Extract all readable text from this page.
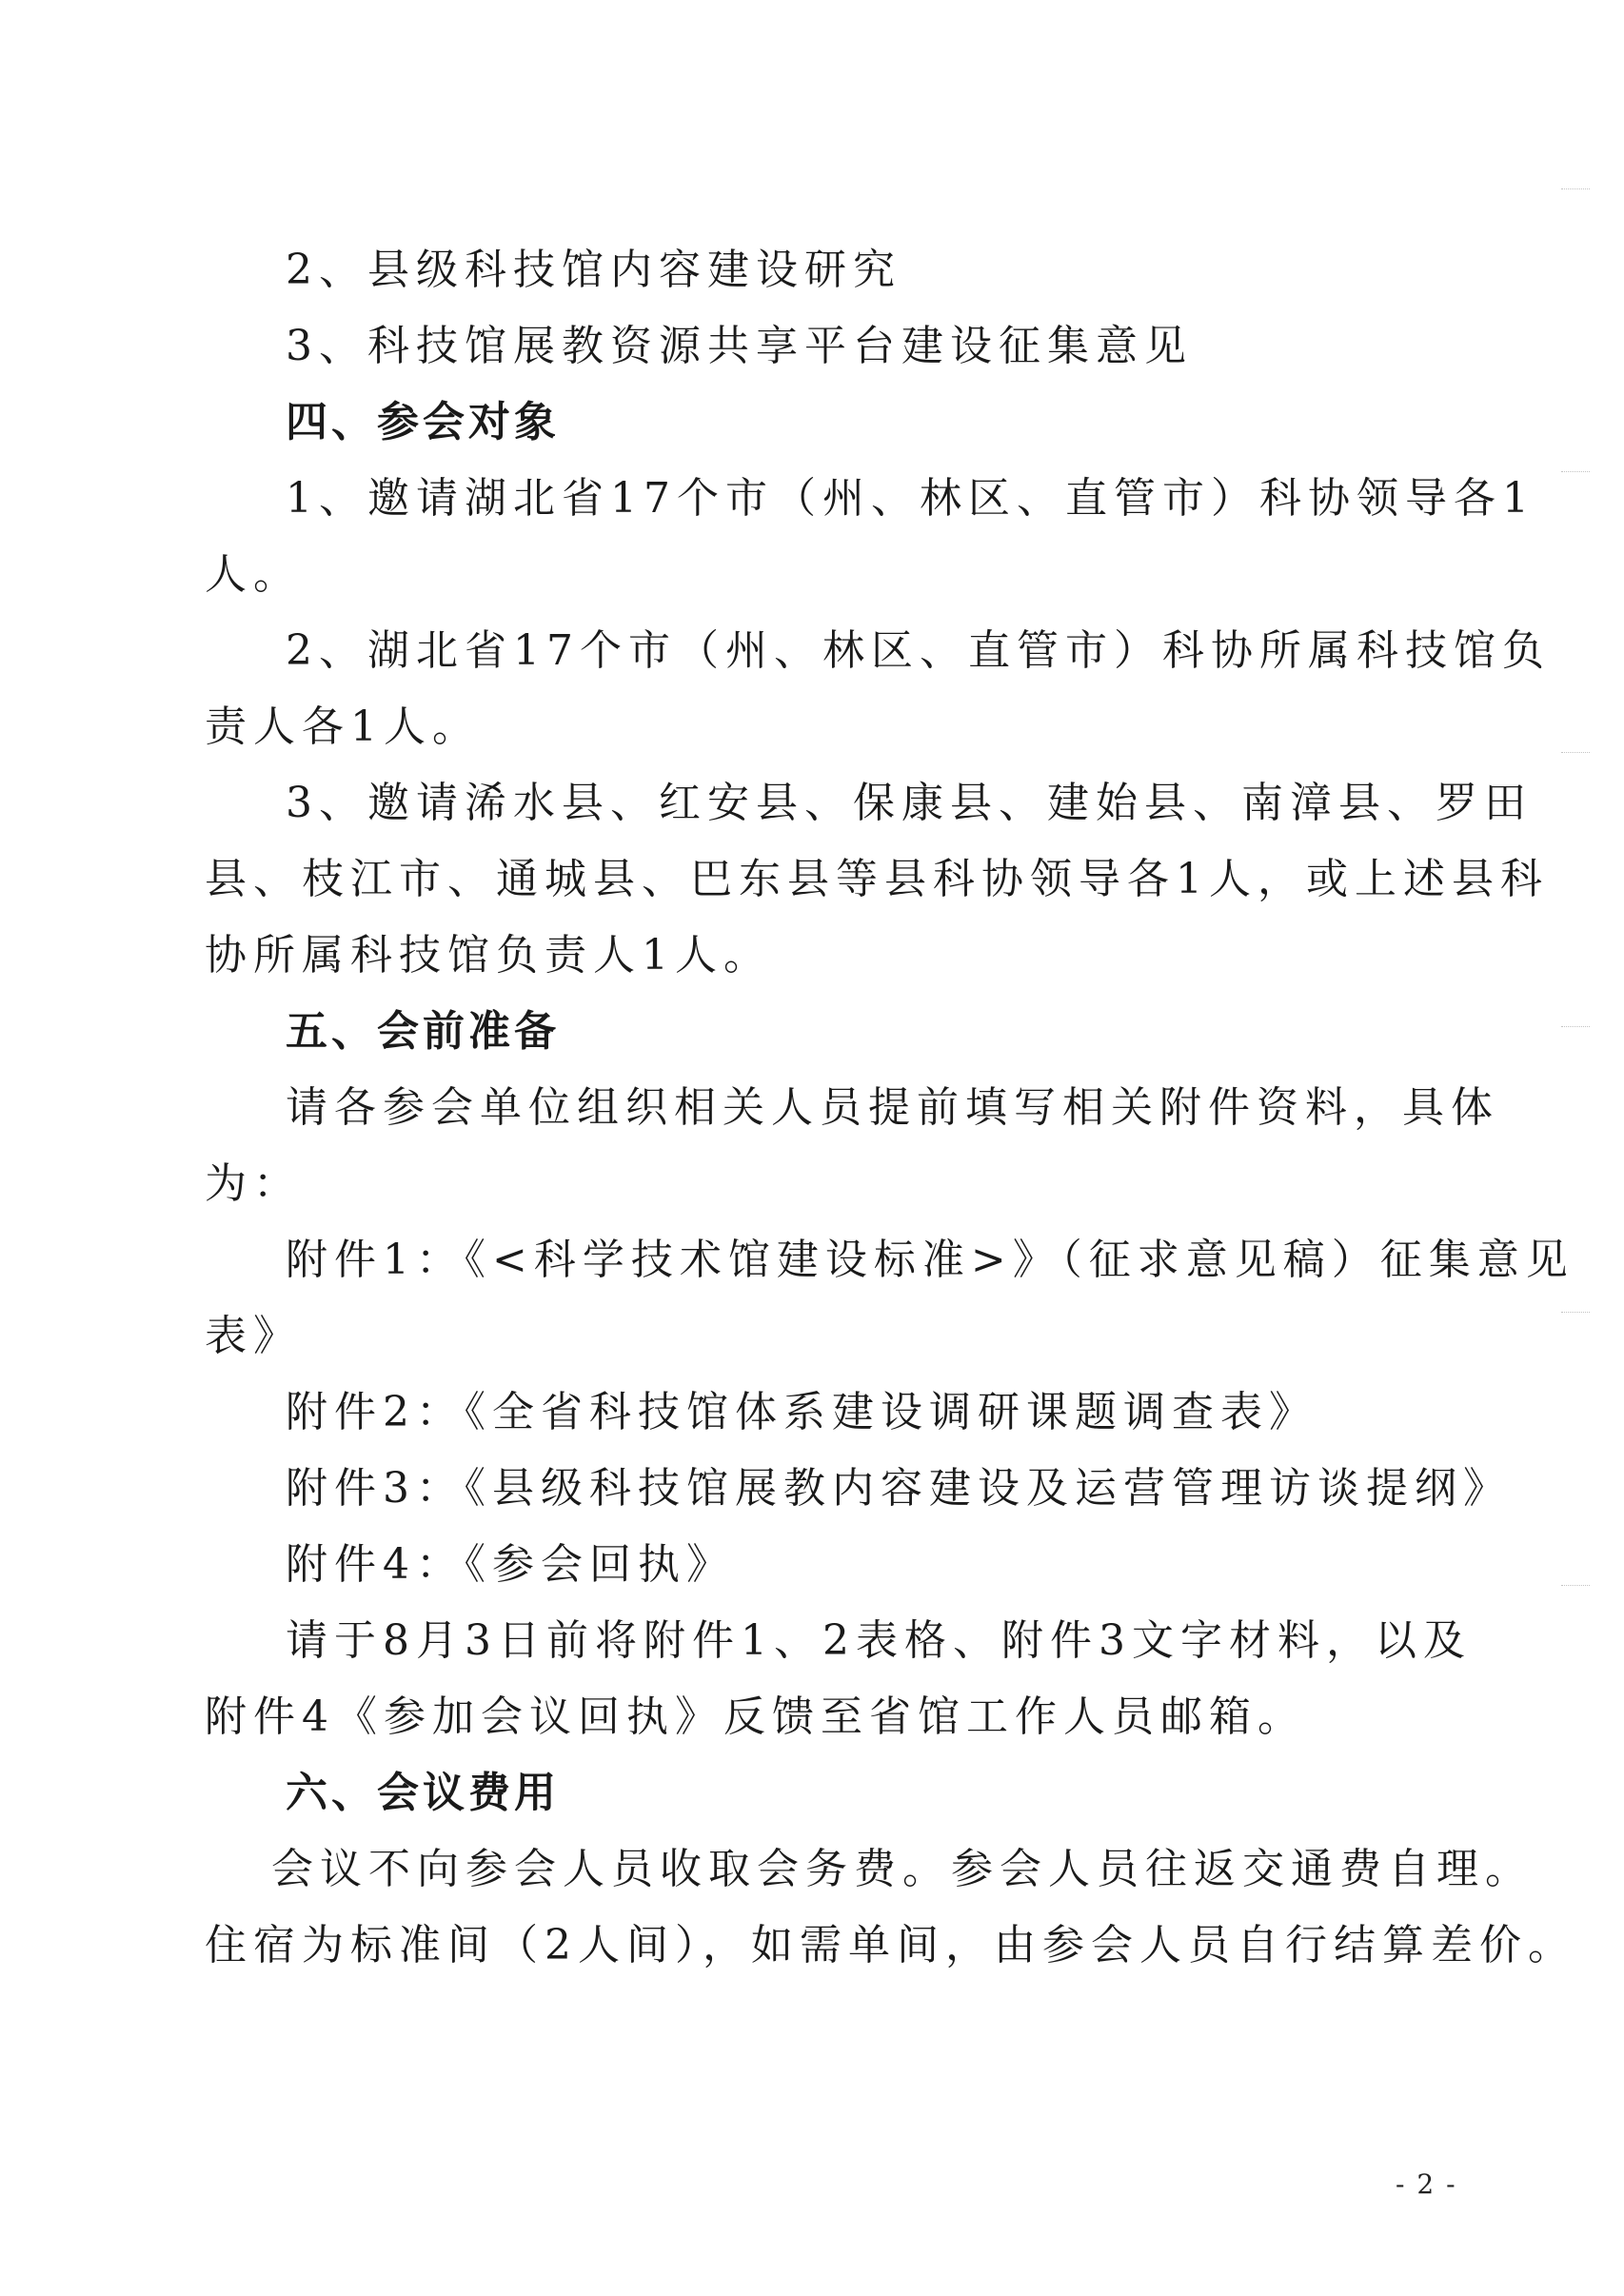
2、县级科技馆内容建设研究
3、科技馆展教资源共享平台建设征集意见
四、参会对象
1、邀请湖北省17个市（州、林区、直管市）科协领导各1
人。
2、湖北省17个市（州、林区、直管市）科协所属科技馆负
责人各1人。
3、邀请浠水县、红安县、保康县、建始县、南漳县、罗田
县、枝江市、通城县、巴东县等县科协领导各1人，或上述县科
协所属科技馆负责人1人。
五、会前准备
请各参会单位组织相关人员提前填写相关附件资料，具体
为：
附件1：《<科学技术馆建设标准>》（征求意见稿）征集意见
表》
附件2：《全省科技馆体系建设调研课题调查表》
附件3：《县级科技馆展教内容建设及运营管理访谈提纲》
附件4：《参会回执》
请于8月3日前将附件1、2表格、附件3文字材料，以及
附件4《参加会议回执》反馈至省馆工作人员邮箱。
六、会议费用
会议不向参会人员收取会务费。参会人员往返交通费自理。
住宿为标准间（2人间），如需单间，由参会人员自行结算差价。
- 2 -
